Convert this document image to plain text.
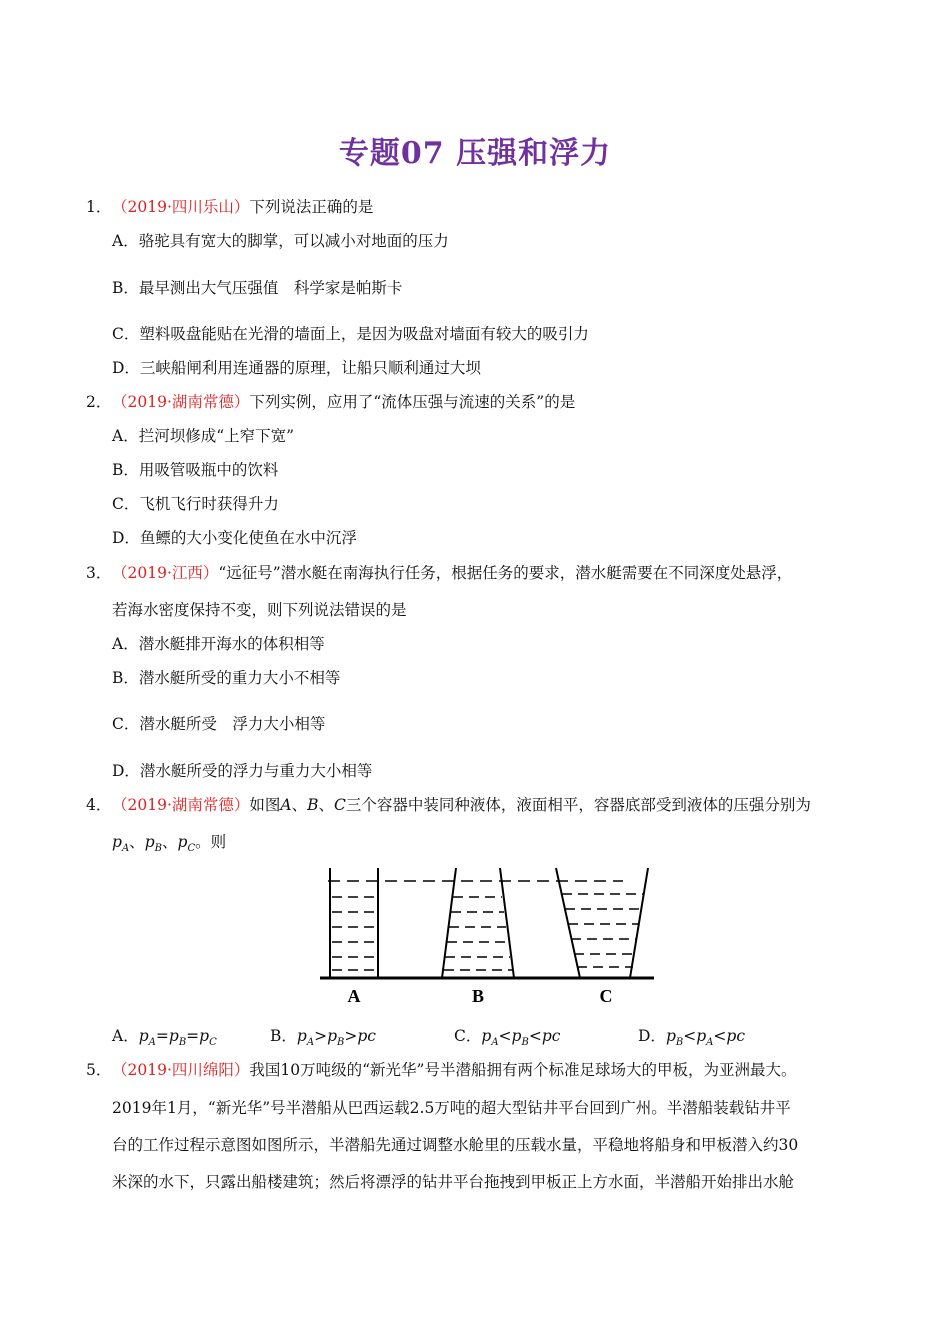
专题07 压强和浮力
1．（2019·四川乐山）下列说法正确的是
A．骆驼具有宽大的脚掌，可以减小对地面的压力
B．最早测出大气压强值　科学家是帕斯卡
C．塑料吸盘能贴在光滑的墙面上，是因为吸盘对墙面有较大的吸引力
D．三峡船闸利用连通器的原理，让船只顺利通过大坝
2．（2019·湖南常德）下列实例，应用了“流体压强与流速的关系”的是
A．拦河坝修成“上窄下宽”
B．用吸管吸瓶中的饮料
C．飞机飞行时获得升力
D．鱼鳔的大小变化使鱼在水中沉浮
3．（2019·江西）“远征号”潜水艇在南海执行任务，根据任务的要求，潜水艇需要在不同深度处悬浮，
若海水密度保持不变，则下列说法错误的是
A．潜水艇排开海水的体积相等
B．潜水艇所受的重力大小不相等
C．潜水艇所受　浮力大小相等
D．潜水艇所受的浮力与重力大小相等
4．（2019·湖南常德）如图A、B、C三个容器中装同种液体，液面相平，容器底部受到液体的压强分别为
$p_A$、$p_B$、$p_C$。则
A	B	C
A．$p_A=p_B=p_C$	B．$p_A>p_B>pc$	C．$p_A<p_B<pc$	D．$p_B<p_A<pc$
5．（2019·四川绵阳）我国10万吨级的“新光华”号半潜船拥有两个标准足球场大的甲板，为亚洲最大。
2019年1月，“新光华”号半潜船从巴西运载2.5万吨的超大型钻井平台回到广州。半潜船装载钻井平
台的工作过程示意图如图所示，半潜船先通过调整水舱里的压载水量，平稳地将船身和甲板潜入约30
米深的水下，只露出船楼建筑；然后将漂浮的钻井平台拖拽到甲板正上方水面，半潜船开始排出水舱
